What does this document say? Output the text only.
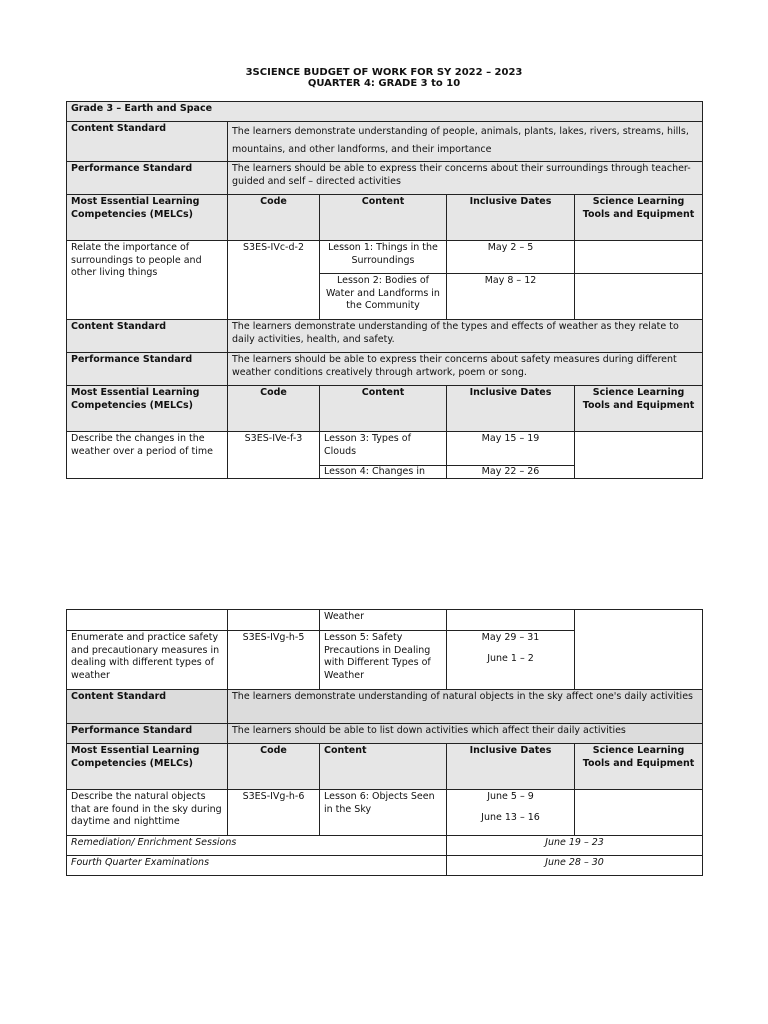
3SCIENCE BUDGET OF WORK FOR SY 2022 – 2023
QUARTER 4: GRADE 3 to 10
Grade 3 – Earth and Space				
Content Standard	The learners demonstrate understanding of people, animals, plants, lakes, rivers, streams, hills, mountains, and other landforms, and their importance			
Performance Standard	The learners should be able to express their concerns about their surroundings through teacher-guided and self – directed activities			
Most Essential Learning Competencies (MELCs)	Code	Content	Inclusive Dates	Science Learning Tools and Equipment
Relate the importance of surroundings to people and other living things	S3ES-IVc-d-2	Lesson 1: Things in the Surroundings	May 2 – 5	
		Lesson 2: Bodies of Water and Landforms in the Community	May 8 – 12	
Content Standard	The learners demonstrate understanding of the types and effects of weather as they relate to daily activities, health, and safety.			
Performance Standard	The learners should be able to express their concerns about safety measures during different weather conditions creatively through artwork, poem or song.			
Most Essential Learning Competencies (MELCs)	Code	Content	Inclusive Dates	Science Learning Tools and Equipment
Describe the changes in the weather over a period of time	S3ES-IVe-f-3	Lesson 3: Types of Clouds	May 15 – 19	
		Lesson 4: Changes in	May 22 – 26	
		Weather		
Enumerate and practice safety and precautionary measures in dealing with different types of weather	S3ES-IVg-h-5	Lesson 5: Safety Precautions in Dealing with Different Types of Weather	May 29 – 31
June 1 – 2	

Content Standard	The learners demonstrate understanding of natural objects in the sky affect one's daily activities			
Performance Standard	The learners should be able to list down activities which affect their daily activities			
Most Essential Learning Competencies (MELCs)	Code	Content	Inclusive Dates	Science Learning Tools and Equipment
Describe the natural objects that are found in the sky during daytime and nighttime	S3ES-IVg-h-6	Lesson 6: Objects Seen in the Sky	June 5 – 9
June 13 – 16	

Remediation/ Enrichment Sessions			June 19 – 23	
Fourth Quarter Examinations			June 28 – 30	
